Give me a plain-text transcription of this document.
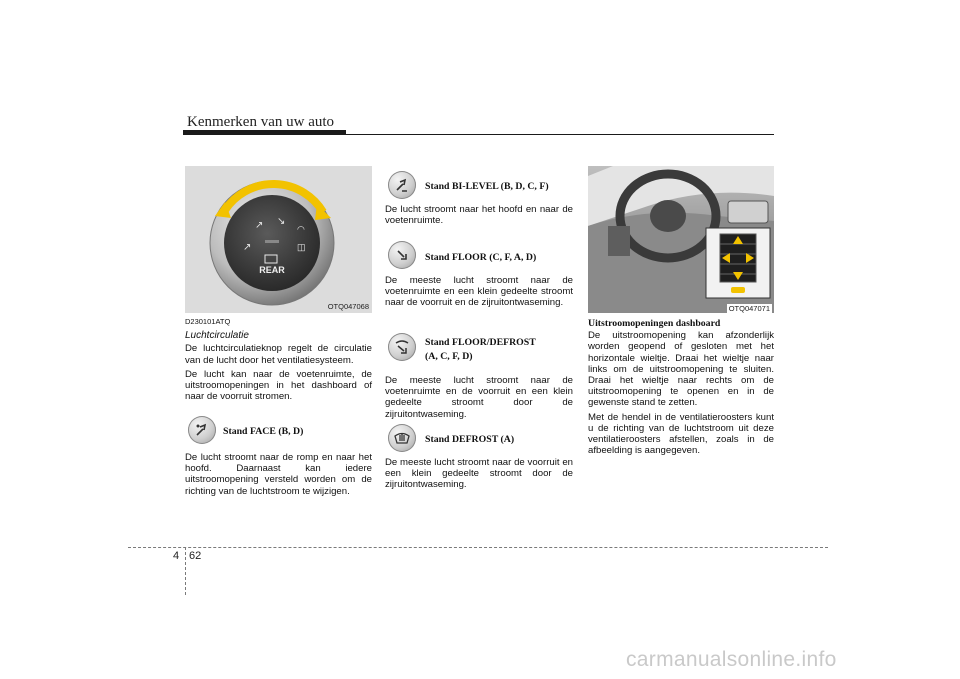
Kenmerken van uw auto
↗
↗ ↘
◠
◫
REAR
OTQ047068
D230101ATQ
Luchtcirculatie

De luchtcirculatieknop regelt de circulatie van de lucht door het ventilatiesysteem.

De lucht kan naar de voetenruimte, de uitstroomopeningen in het dashboard of naar de voorruit stromen.

Stand FACE (B, D)

De lucht stroomt naar de romp en naar het hoofd. Daarnaast kan iedere uitstroomopening versteld worden om de richting van de luchtstroom te wijzigen.

Stand BI-LEVEL (B, D, C, F)
De lucht stroomt naar het hoofd en naar de voetenruimte.
Stand FLOOR (C, F, A, D)
De meeste lucht stroomt naar de voetenruimte en een klein gedeelte stroomt naar de voorruit en de zijruitontwaseming.
Stand FLOOR/DEFROST
(A, C, F, D)
De meeste lucht stroomt naar de voetenruimte en de voorruit en een klein gedeelte stroomt door de zijruitontwaseming.
Stand DEFROST (A)
De meeste lucht stroomt naar de voorruit en een klein gedeelte stroomt door de zijruitontwaseming.
OTQ047071
Uitstroomopeningen dashboard

De uitstroomopening kan afzonderlijk worden geopend of gesloten met het horizontale wieltje. Draai het wieltje naar links om de uitstroomopening te sluiten. Draai het wieltje naar rechts om de uitstroomopening te openen en in de gewenste stand te zetten.

Met de hendel in de ventilatieroosters kunt u de richting van de luchtstroom uit deze ventilatieroosters afstellen, zoals in de afbeelding is aangegeven.

4 62
carmanualsonline.info
